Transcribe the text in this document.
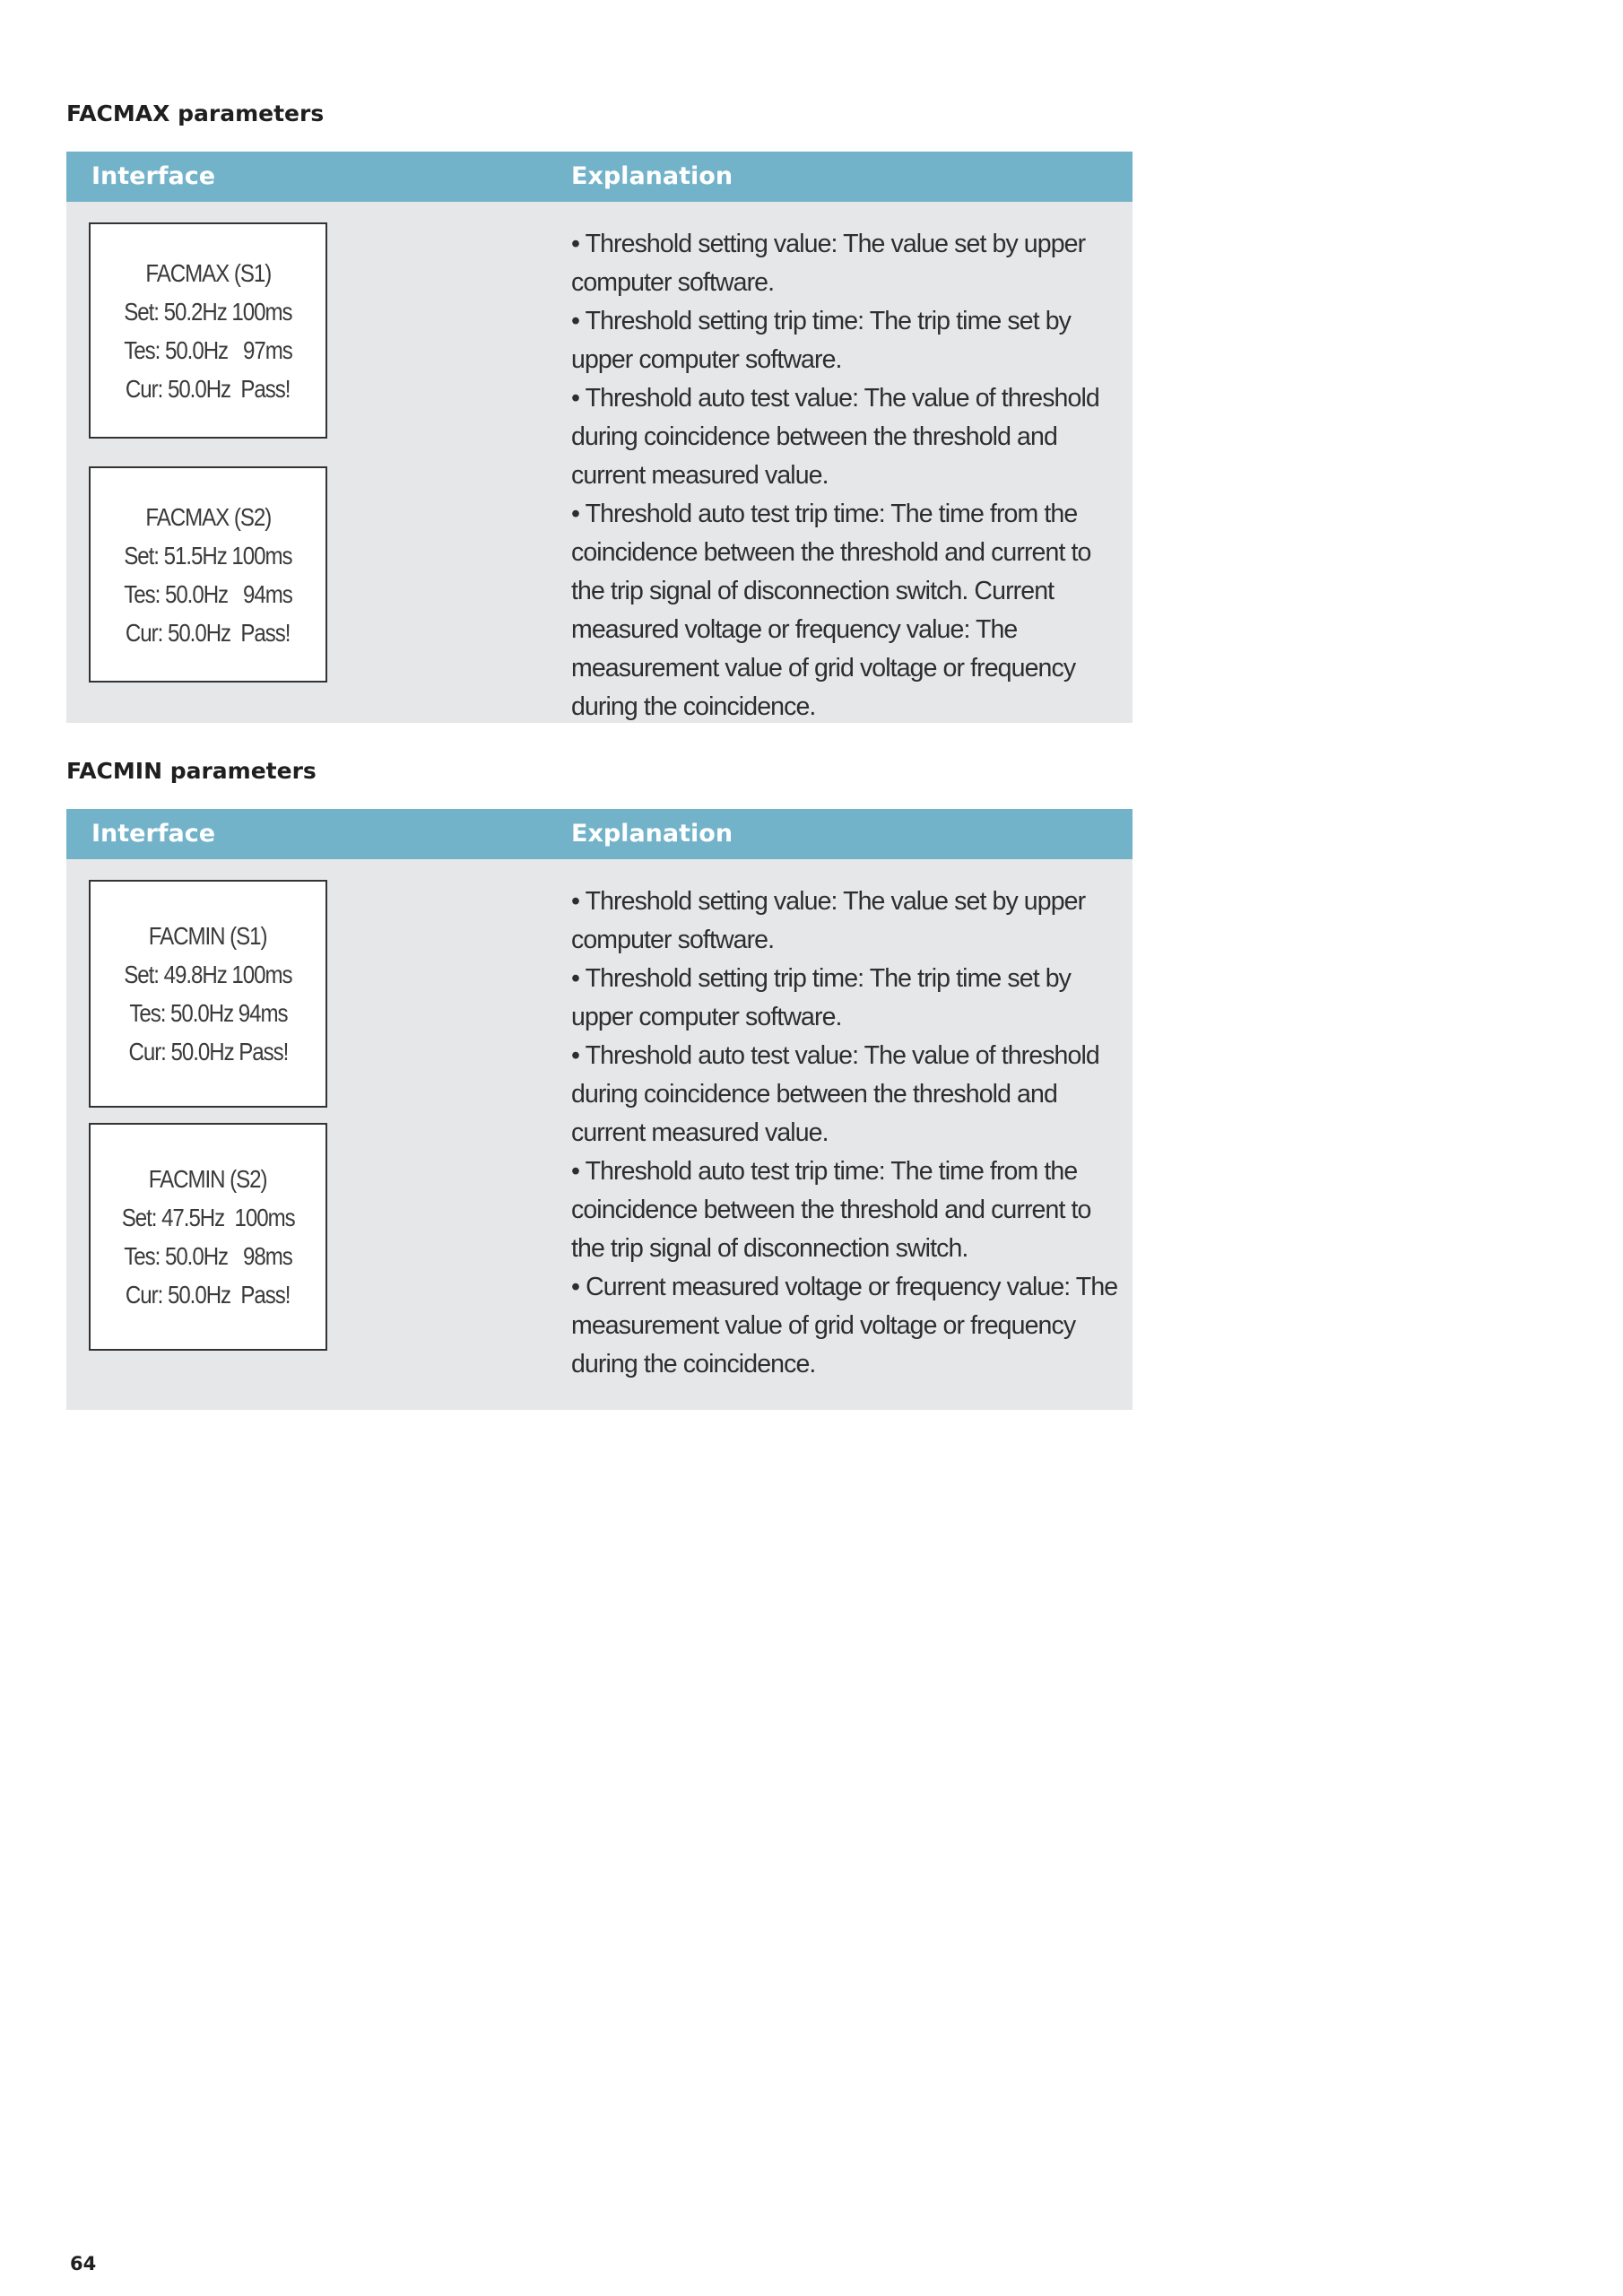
FACMAX parameters
Interface	Explanation
FACMAX (S1)
Set: 50.2Hz 100ms
Tes: 50.0Hz   97ms
Cur: 50.0Hz  Pass!
FACMAX (S2)
Set: 51.5Hz 100ms
Tes: 50.0Hz   94ms
Cur: 50.0Hz  Pass!

• Threshold setting value: The value set by upper computer software.

• Threshold setting trip time: The trip time set by upper computer software.

• Threshold auto test value: The value of threshold during coincidence between the threshold and current measured value.

• Threshold auto test trip time: The time from the coincidence between the threshold and current to the trip signal of disconnection switch. Current measured voltage or frequency value: The measurement value of grid voltage or frequency during the coincidence.

FACMIN parameters
Interface	Explanation
FACMIN (S1)
Set: 49.8Hz 100ms
Tes: 50.0Hz 94ms
Cur: 50.0Hz Pass!
FACMIN (S2)
Set: 47.5Hz  100ms
Tes: 50.0Hz   98ms
Cur: 50.0Hz  Pass!

• Threshold setting value: The value set by upper computer software.

• Threshold setting trip time: The trip time set by upper computer software.

• Threshold auto test value: The value of threshold during coincidence between the threshold and current measured value.

• Threshold auto test trip time: The time from the coincidence between the threshold and current to the trip signal of disconnection switch.

• Current measured voltage or frequency value: The measurement value of grid voltage or frequency during the coincidence.

64
